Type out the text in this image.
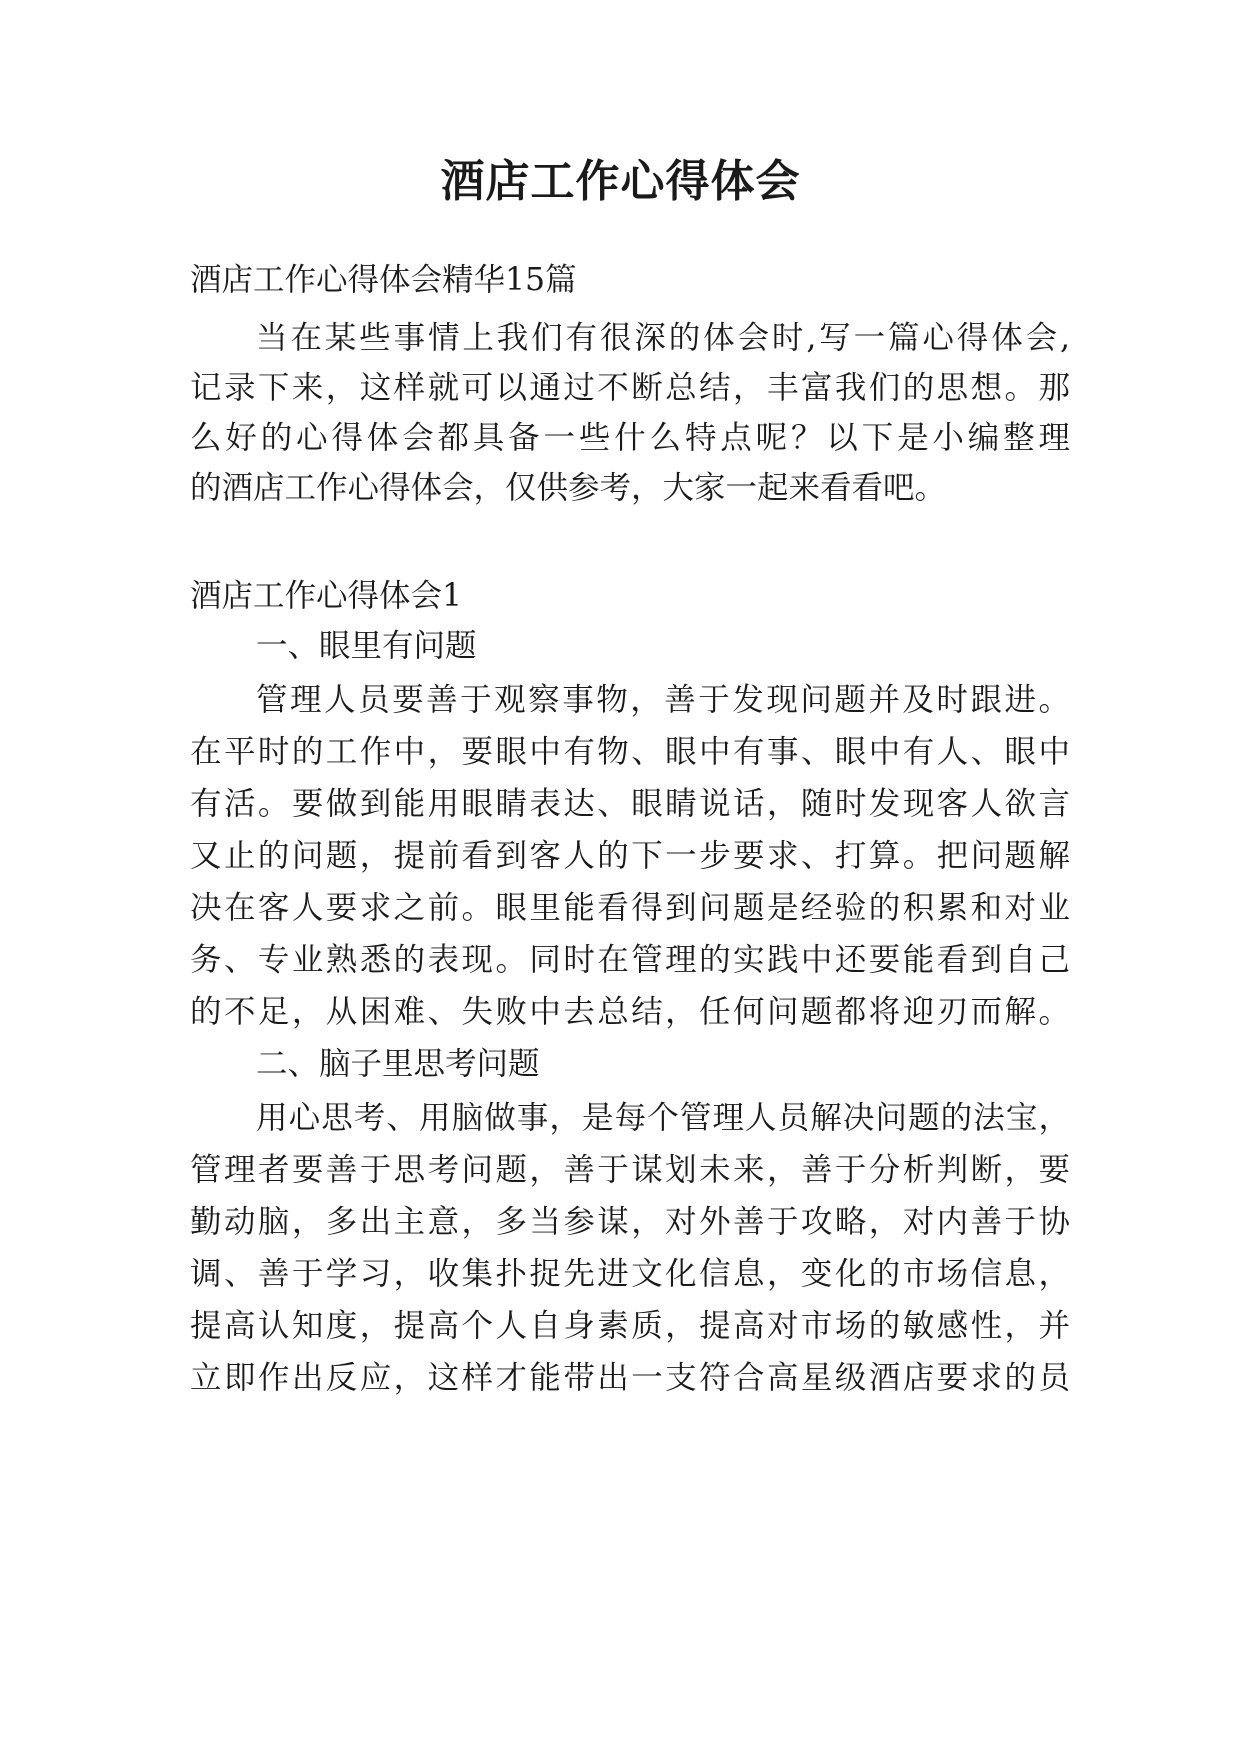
酒店工作心得体会
酒店工作心得体会精华15篇
当在某些事情上我们有很深的体会时,写一篇心得体会,
记录下来，这样就可以通过不断总结，丰富我们的思想。那
么好的心得体会都具备一些什么特点呢？以下是小编整理
的酒店工作心得体会，仅供参考，大家一起来看看吧。
酒店工作心得体会1
一、眼里有问题
管理人员要善于观察事物，善于发现问题并及时跟进。
在平时的工作中，要眼中有物、眼中有事、眼中有人、眼中
有活。要做到能用眼睛表达、眼睛说话，随时发现客人欲言
又止的问题，提前看到客人的下一步要求、打算。把问题解
决在客人要求之前。眼里能看得到问题是经验的积累和对业
务、专业熟悉的表现。同时在管理的实践中还要能看到自己
的不足，从困难、失败中去总结，任何问题都将迎刃而解。
二、脑子里思考问题
用心思考、用脑做事，是每个管理人员解决问题的法宝，
管理者要善于思考问题，善于谋划未来，善于分析判断，要
勤动脑，多出主意，多当参谋，对外善于攻略，对内善于协
调、善于学习，收集扑捉先进文化信息，变化的市场信息，
提高认知度，提高个人自身素质，提高对市场的敏感性，并
立即作出反应，这样才能带出一支符合高星级酒店要求的员
